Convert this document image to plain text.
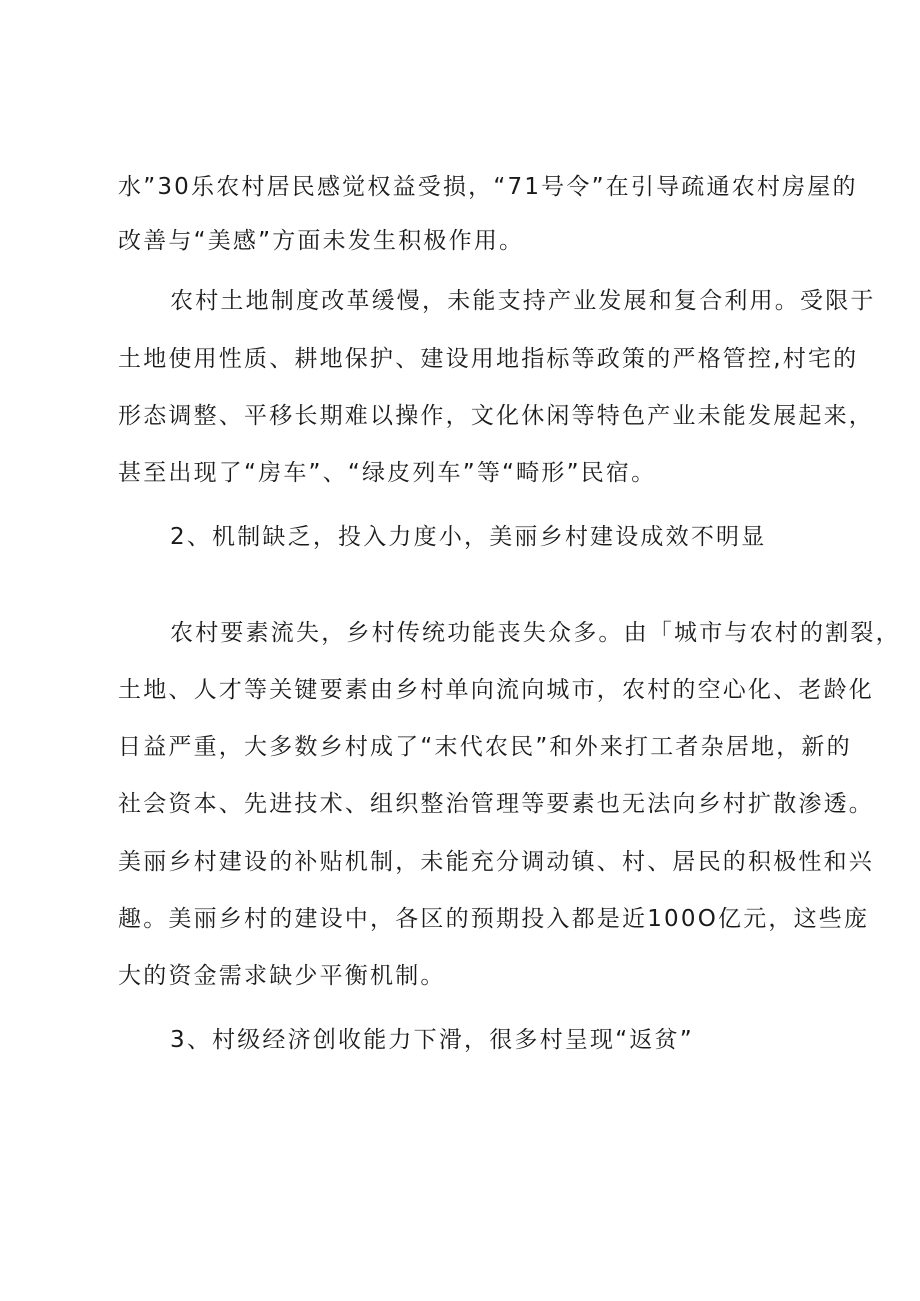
水”30乐农村居民感觉权益受损，“71号令”在引导疏通农村房屋的
改善与“美感”方面未发生积极作用。
农村土地制度改革缓慢，未能支持产业发展和复合利用。受限于
土地使用性质、耕地保护、建设用地指标等政策的严格管控,村宅的
形态调整、平移长期难以操作，文化休闲等特色产业未能发展起来，
甚至出现了“房车”、“绿皮列车”等“畸形”民宿。
2、机制缺乏，投入力度小，美丽乡村建设成效不明显
农村要素流失，乡村传统功能丧失众多。由「城市与农村的割裂，
土地、人才等关键要素由乡村单向流向城市，农村的空心化、老龄化
日益严重，大多数乡村成了“末代农民”和外来打工者杂居地，新的
社会资本、先进技术、组织整治管理等要素也无法向乡村扩散渗透。
美丽乡村建设的补贴机制，未能充分调动镇、村、居民的积极性和兴
趣。美丽乡村的建设中，各区的预期投入都是近100O亿元，这些庞
大的资金需求缺少平衡机制。
3、村级经济创收能力下滑，很多村呈现“返贫”
